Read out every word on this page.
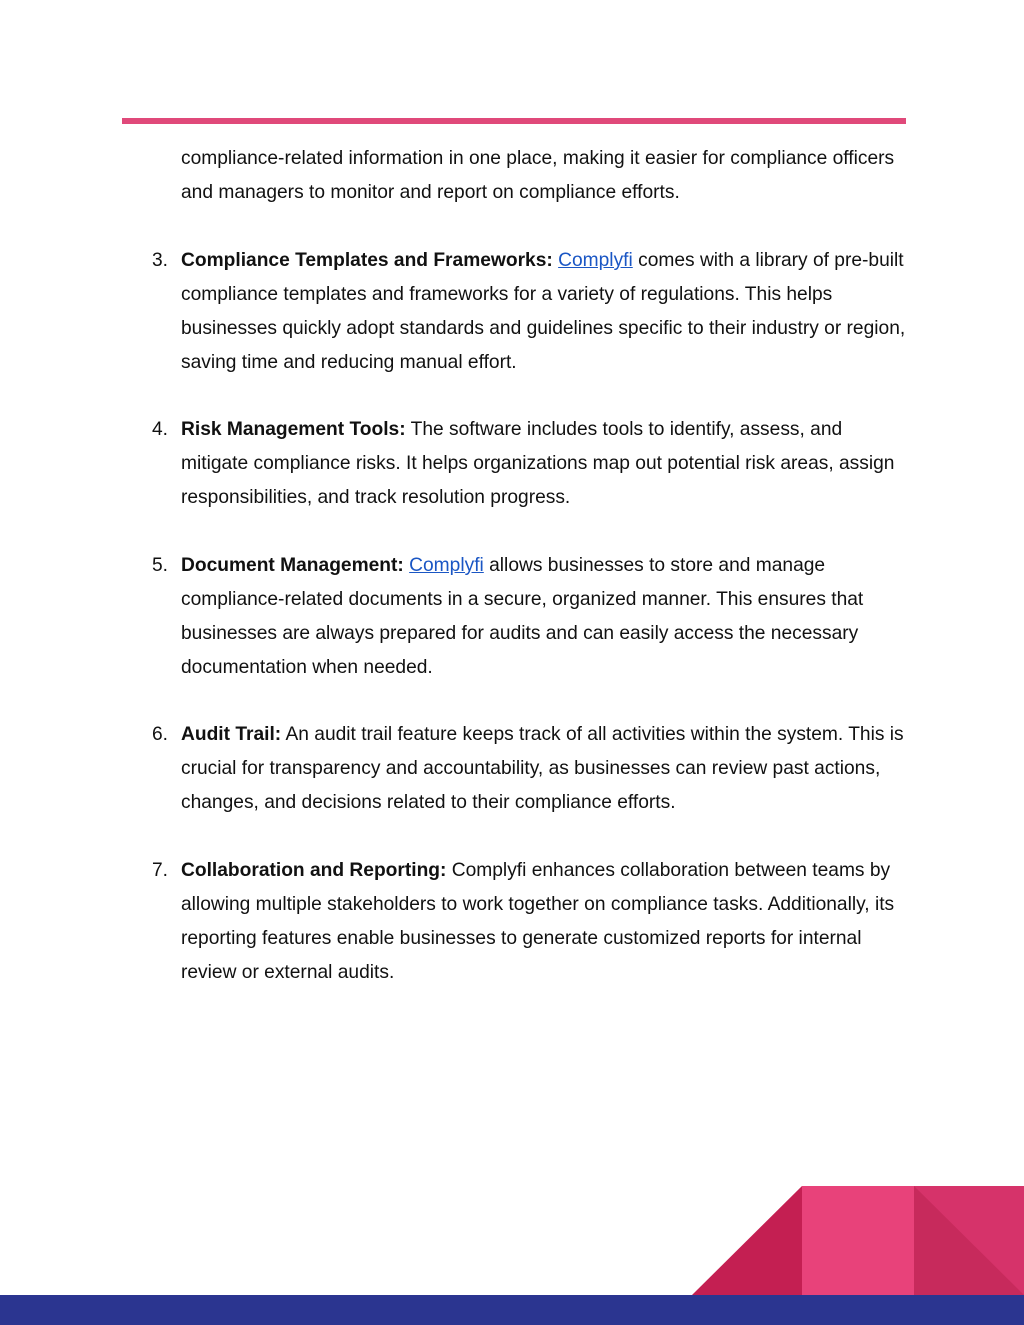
compliance-related information in one place, making it easier for compliance officers and managers to monitor and report on compliance efforts.

3. Compliance Templates and Frameworks: Complyfi comes with a library of pre-built compliance templates and frameworks for a variety of regulations. This helps businesses quickly adopt standards and guidelines specific to their industry or region, saving time and reducing manual effort.
4. Risk Management Tools: The software includes tools to identify, assess, and mitigate compliance risks. It helps organizations map out potential risk areas, assign responsibilities, and track resolution progress.
5. Document Management: Complyfi allows businesses to store and manage compliance-related documents in a secure, organized manner. This ensures that businesses are always prepared for audits and can easily access the necessary documentation when needed.
6. Audit Trail: An audit trail feature keeps track of all activities within the system. This is crucial for transparency and accountability, as businesses can review past actions, changes, and decisions related to their compliance efforts.
7. Collaboration and Reporting: Complyfi enhances collaboration between teams by allowing multiple stakeholders to work together on compliance tasks. Additionally, its reporting features enable businesses to generate customized reports for internal review or external audits.
